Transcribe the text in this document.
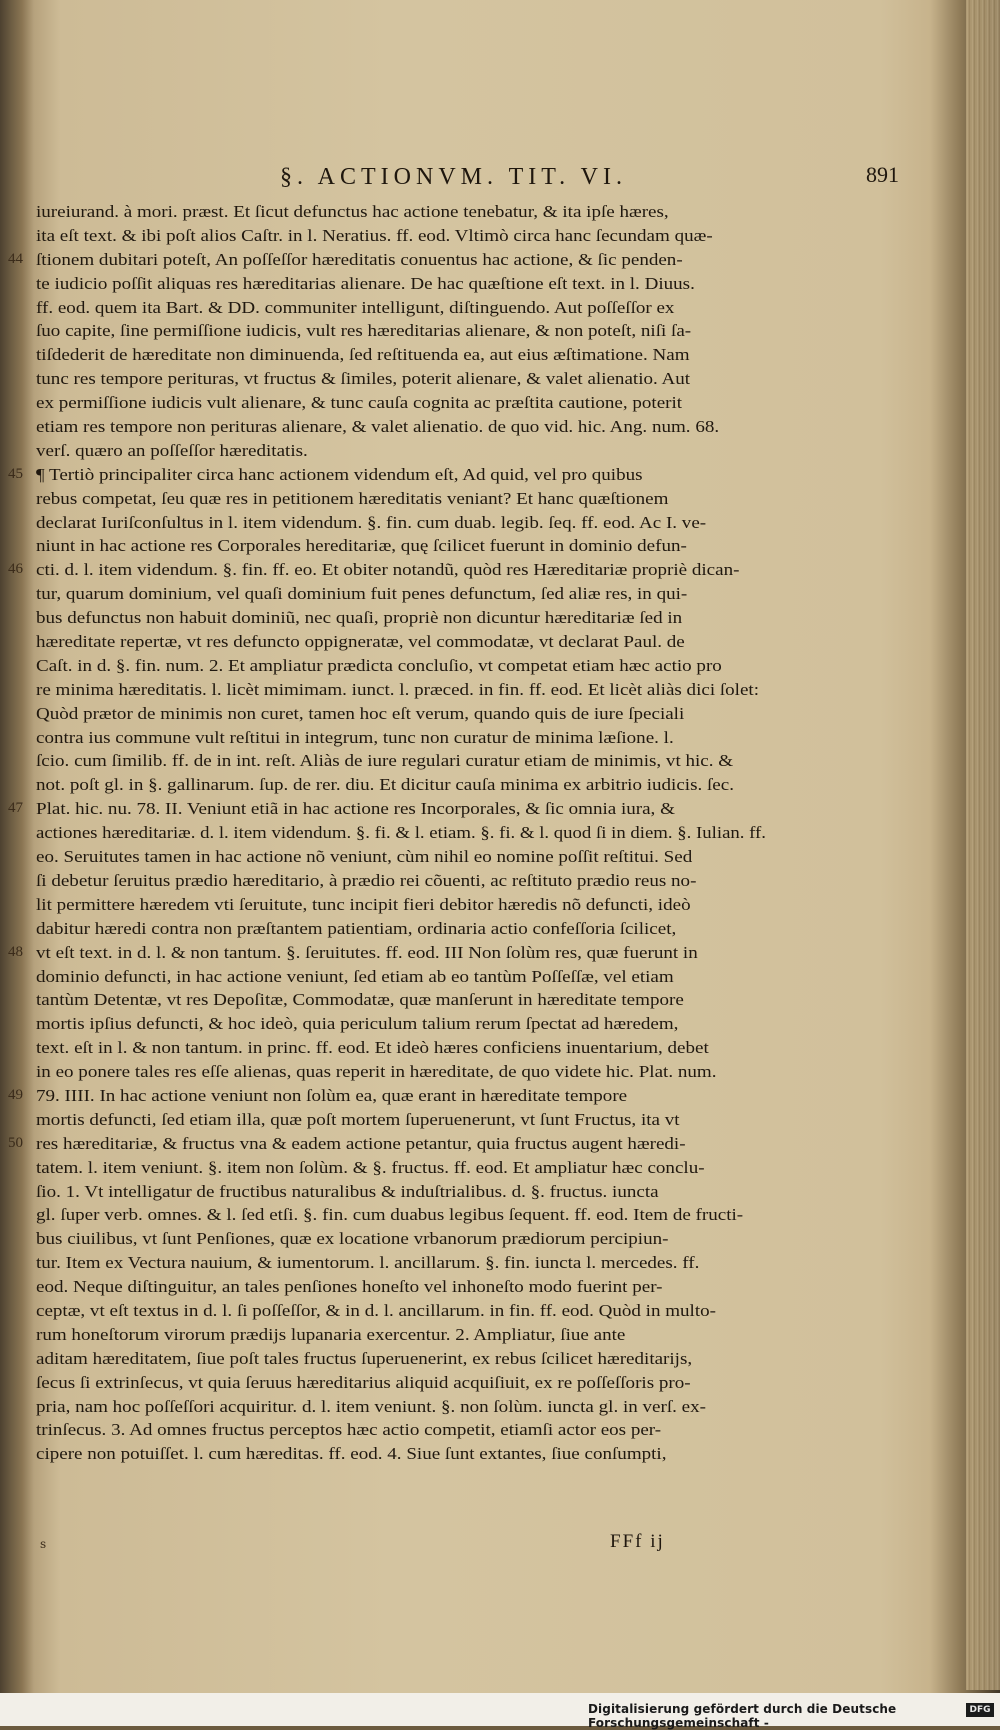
§. ACTIONVM. TIT. VI.	891
iureiurand. à mori. præst. Et ſicut defunctus hac actione tenebatur, & ita ipſe hæres,
ita eſt text. & ibi poſt alios Caſtr. in l. Neratius. ff. eod. Vltimò circa hanc ſecundam quæ-
44 ſtionem dubitari poteſt, An poſſeſſor hæreditatis conuentus hac actione, & ſic penden-
te iudicio poſſit aliquas res hæreditarias alienare. De hac quæſtione eſt text. in l. Diuus.
ff. eod. quem ita Bart. & DD. communiter intelligunt, diſtinguendo. Aut poſſeſſor ex
ſuo capite, ſine permiſſione iudicis, vult res hæreditarias alienare, & non poteſt, niſi ſa-
tiſdederit de hæreditate non diminuenda, ſed reſtituenda ea, aut eius æſtimatione. Nam
tunc res tempore perituras, vt fructus & ſimiles, poterit alienare, & valet alienatio. Aut
ex permiſſione iudicis vult alienare, & tunc cauſa cognita ac præſtita cautione, poterit
etiam res tempore non perituras alienare, & valet alienatio. de quo vid. hic. Ang. num. 68.
verſ. quæro an poſſeſſor hæreditatis.
45 ¶ Tertiò principaliter circa hanc actionem videndum eſt, Ad quid, vel pro quibus
rebus competat, ſeu quæ res in petitionem hæreditatis veniant? Et hanc quæſtionem
declarat Iuriſconſultus in l. item videndum. §. fin. cum duab. legib. ſeq. ff. eod. Ac I. ve-
niunt in hac actione res Corporales hereditariæ, quę ſcilicet fuerunt in dominio defun-
46 cti. d. l. item videndum. §. fin. ff. eo. Et obiter notandũ, quòd res Hæreditariæ propriè dican-
tur, quarum dominium, vel quaſi dominium fuit penes defunctum, ſed aliæ res, in qui-
bus defunctus non habuit dominiũ, nec quaſi, propriè non dicuntur hæreditariæ ſed in
hæreditate repertæ, vt res defuncto oppigneratæ, vel commodatæ, vt declarat Paul. de
Caſt. in d. §. fin. num. 2. Et ampliatur prædicta concluſio, vt competat etiam hæc actio pro
re minima hæreditatis. l. licèt mimimam. iunct. l. præced. in fin. ff. eod. Et licèt aliàs dici ſolet:
Quòd prætor de minimis non curet, tamen hoc eſt verum, quando quis de iure ſpeciali
contra ius commune vult reſtitui in integrum, tunc non curatur de minima læſione. l.
ſcio. cum ſimilib. ff. de in int. reſt. Aliàs de iure regulari curatur etiam de minimis, vt hic. &
not. poſt gl. in §. gallinarum. ſup. de rer. diu. Et dicitur cauſa minima ex arbitrio iudicis. ſec.
47 Plat. hic. nu. 78. II. Veniunt etiã in hac actione res Incorporales, & ſic omnia iura, &
actiones hæreditariæ. d. l. item videndum. §. fi. & l. etiam. §. fi. & l. quod ſi in diem. §. Iulian. ff.
eo. Seruitutes tamen in hac actione nõ veniunt, cùm nihil eo nomine poſſit reſtitui. Sed
ſi debetur ſeruitus prædio hæreditario, à prædio rei cõuenti, ac reſtituto prædio reus no-
lit permittere hæredem vti ſeruitute, tunc incipit fieri debitor hæredis nõ defuncti, ideò
dabitur hæredi contra non præſtantem patientiam, ordinaria actio confeſſoria ſcilicet,
48 vt eſt text. in d. l. & non tantum. §. ſeruitutes. ff. eod. III Non ſolùm res, quæ fuerunt in
dominio defuncti, in hac actione veniunt, ſed etiam ab eo tantùm Poſſeſſæ, vel etiam
tantùm Detentæ, vt res Depoſitæ, Commodatæ, quæ manſerunt in hæreditate tempore
mortis ipſius defuncti, & hoc ideò, quia periculum talium rerum ſpectat ad hæredem,
text. eſt in l. & non tantum. in princ. ff. eod. Et ideò hæres conficiens inuentarium, debet
in eo ponere tales res eſſe alienas, quas reperit in hæreditate, de quo videte hic. Plat. num.
49 79. IIII. In hac actione veniunt non ſolùm ea, quæ erant in hæreditate tempore
mortis defuncti, ſed etiam illa, quæ poſt mortem ſuperuenerunt, vt ſunt Fructus, ita vt
50 res hæreditariæ, & fructus vna & eadem actione petantur, quia fructus augent hæredi-
tatem. l. item veniunt. §. item non ſolùm. & §. fructus. ff. eod. Et ampliatur hæc conclu-
ſio. 1. Vt intelligatur de fructibus naturalibus & induſtrialibus. d. §. fructus. iuncta
gl. ſuper verb. omnes. & l. ſed etſi. §. fin. cum duabus legibus ſequent. ff. eod. Item de fructi-
bus ciuilibus, vt ſunt Penſiones, quæ ex locatione vrbanorum prædiorum percipiun-
tur. Item ex Vectura nauium, & iumentorum. l. ancillarum. §. fin. iuncta l. mercedes. ff.
eod. Neque diſtinguitur, an tales penſiones honeſto vel inhoneſto modo fuerint per-
ceptæ, vt eſt textus in d. l. ſi poſſeſſor, & in d. l. ancillarum. in fin. ff. eod. Quòd in multo-
rum honeſtorum virorum prædijs lupanaria exercentur. 2. Ampliatur, ſiue ante
aditam hæreditatem, ſiue poſt tales fructus ſuperuenerint, ex rebus ſcilicet hæreditarijs,
ſecus ſi extrinſecus, vt quia ſeruus hæreditarius aliquid acquiſiuit, ex re poſſeſſoris pro-
pria, nam hoc poſſeſſori acquiritur. d. l. item veniunt. §. non ſolùm. iuncta gl. in verſ. ex-
trinſecus. 3. Ad omnes fructus perceptos hæc actio competit, etiamſi actor eos per-
cipere non potuiſſet. l. cum hæreditas. ff. eod. 4. Siue ſunt extantes, ſiue conſumpti,
FFf ij
s
Digitalisierung gefördert durch die Deutsche Forschungsgemeinschaft -
DFG
